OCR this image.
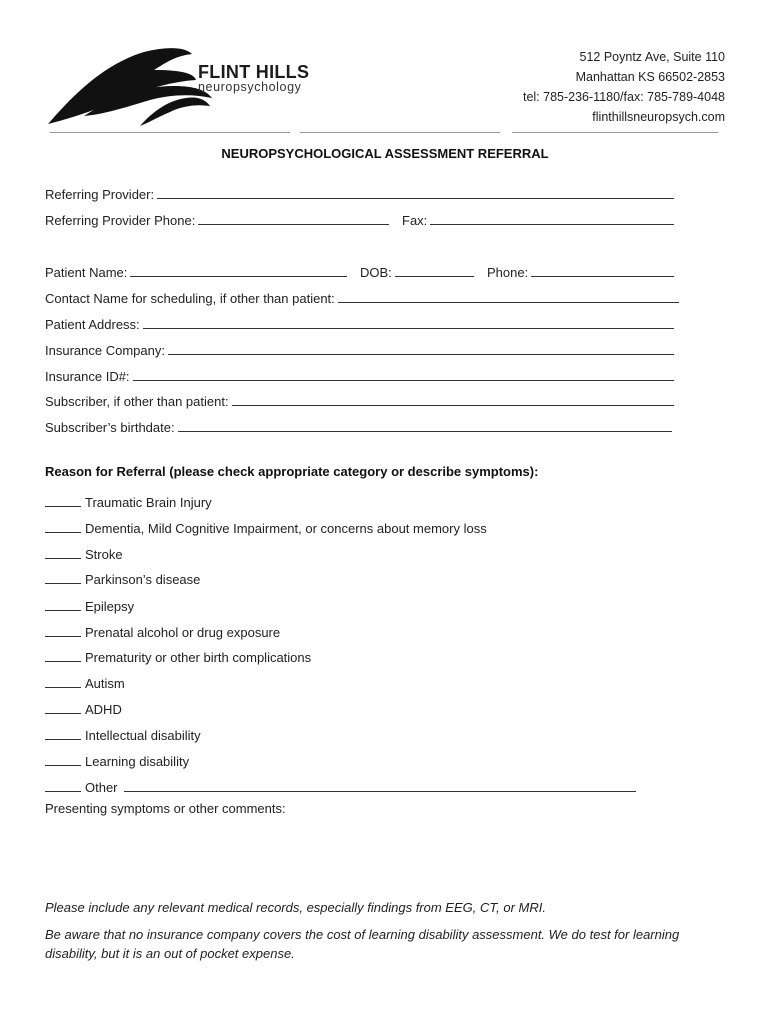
FLINT HILLS
neuropsychology
512 Poyntz Ave, Suite 110
Manhattan KS 66502-2853
tel: 785-236-1180/fax: 785-789-4048
flinthillsneuropsych.com
NEUROPSYCHOLOGICAL ASSESSMENT REFERRAL
Referring Provider:
Referring Provider Phone:	Fax:
Patient Name:	DOB:	Phone:
Contact Name for scheduling, if other than patient:
Patient Address:
Insurance Company:
Insurance ID#:
Subscriber, if other than patient:
Subscriber’s birthdate:
Reason for Referral (please check appropriate category or describe symptoms):
Traumatic Brain Injury
Dementia, Mild Cognitive Impairment, or concerns about memory loss
Stroke
Parkinson’s disease
Epilepsy
Prenatal alcohol or drug exposure
Prematurity or other birth complications
Autism
ADHD
Intellectual disability
Learning disability
Other
Presenting symptoms or other comments:
Please include any relevant medical records, especially findings from EEG, CT, or MRI.
Be aware that no insurance company covers the cost of learning disability assessment. We do test for learning
disability, but it is an out of pocket expense.
